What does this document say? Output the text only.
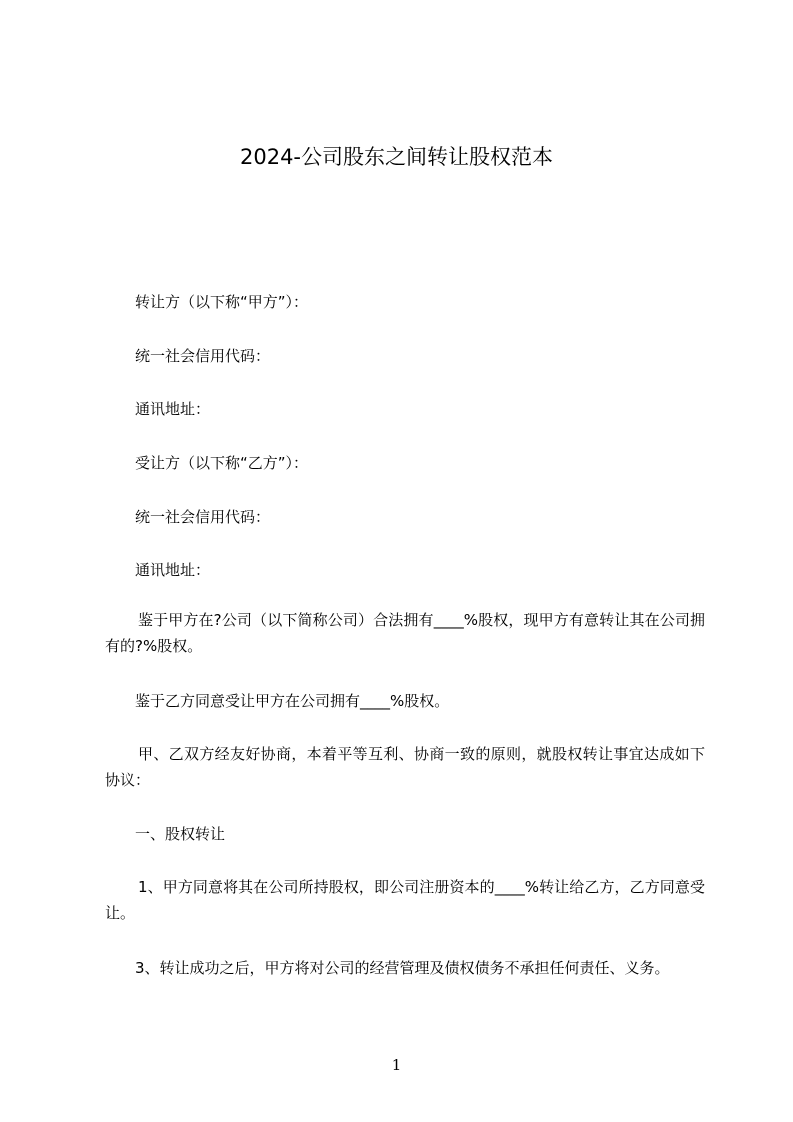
2024-公司股东之间转让股权范本
转让方（以下称“甲方”）：
统一社会信用代码：
通讯地址：
受让方（以下称“乙方”）：
统一社会信用代码：
通讯地址：
鉴于甲方在?公司（以下简称公司）合法拥有____%股权，现甲方有意转让其在公司拥有的?%股权。
鉴于乙方同意受让甲方在公司拥有____%股权。
甲、乙双方经友好协商，本着平等互利、协商一致的原则，就股权转让事宜达成如下协议：
一、股权转让
1、甲方同意将其在公司所持股权，即公司注册资本的____%转让给乙方，乙方同意受让。
3、转让成功之后，甲方将对公司的经营管理及债权债务不承担任何责任、义务。
1
